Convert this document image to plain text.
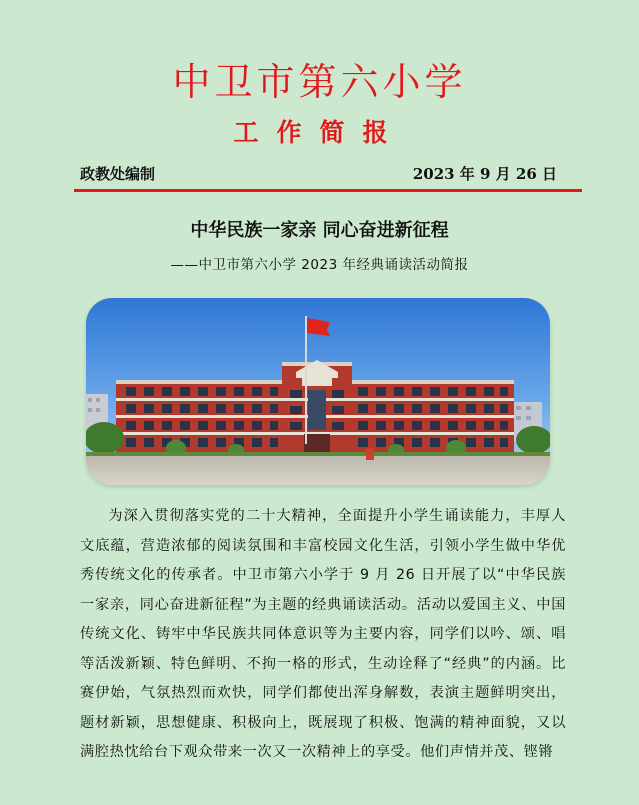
中卫市第六小学
工作简报
政教处编制	2023 年 9 月 26 日
中华民族一家亲 同心奋进新征程
——中卫市第六小学 2023 年经典诵读活动简报

为深入贯彻落实党的二十大精神，全面提升小学生诵读能力，丰厚人文底蕴，营造浓郁的阅读氛围和丰富校园文化生活，引领小学生做中华优秀传统文化的传承者。中卫市第六小学于 9 月 26 日开展了以“中华民族一家亲，同心奋进新征程”为主题的经典诵读活动。活动以爱国主义、中国传统文化、铸牢中华民族共同体意识等为主要内容，同学们以吟、颂、唱等活泼新颖、特色鲜明、不拘一格的形式，生动诠释了“经典”的内涵。比赛伊始，气氛热烈而欢快，同学们都使出浑身解数，表演主题鲜明突出，题材新颖，思想健康、积极向上，既展现了积极、饱满的精神面貌，又以满腔热忱给台下观众带来一次又一次精神上的享受。他们声情并茂、铿锵
